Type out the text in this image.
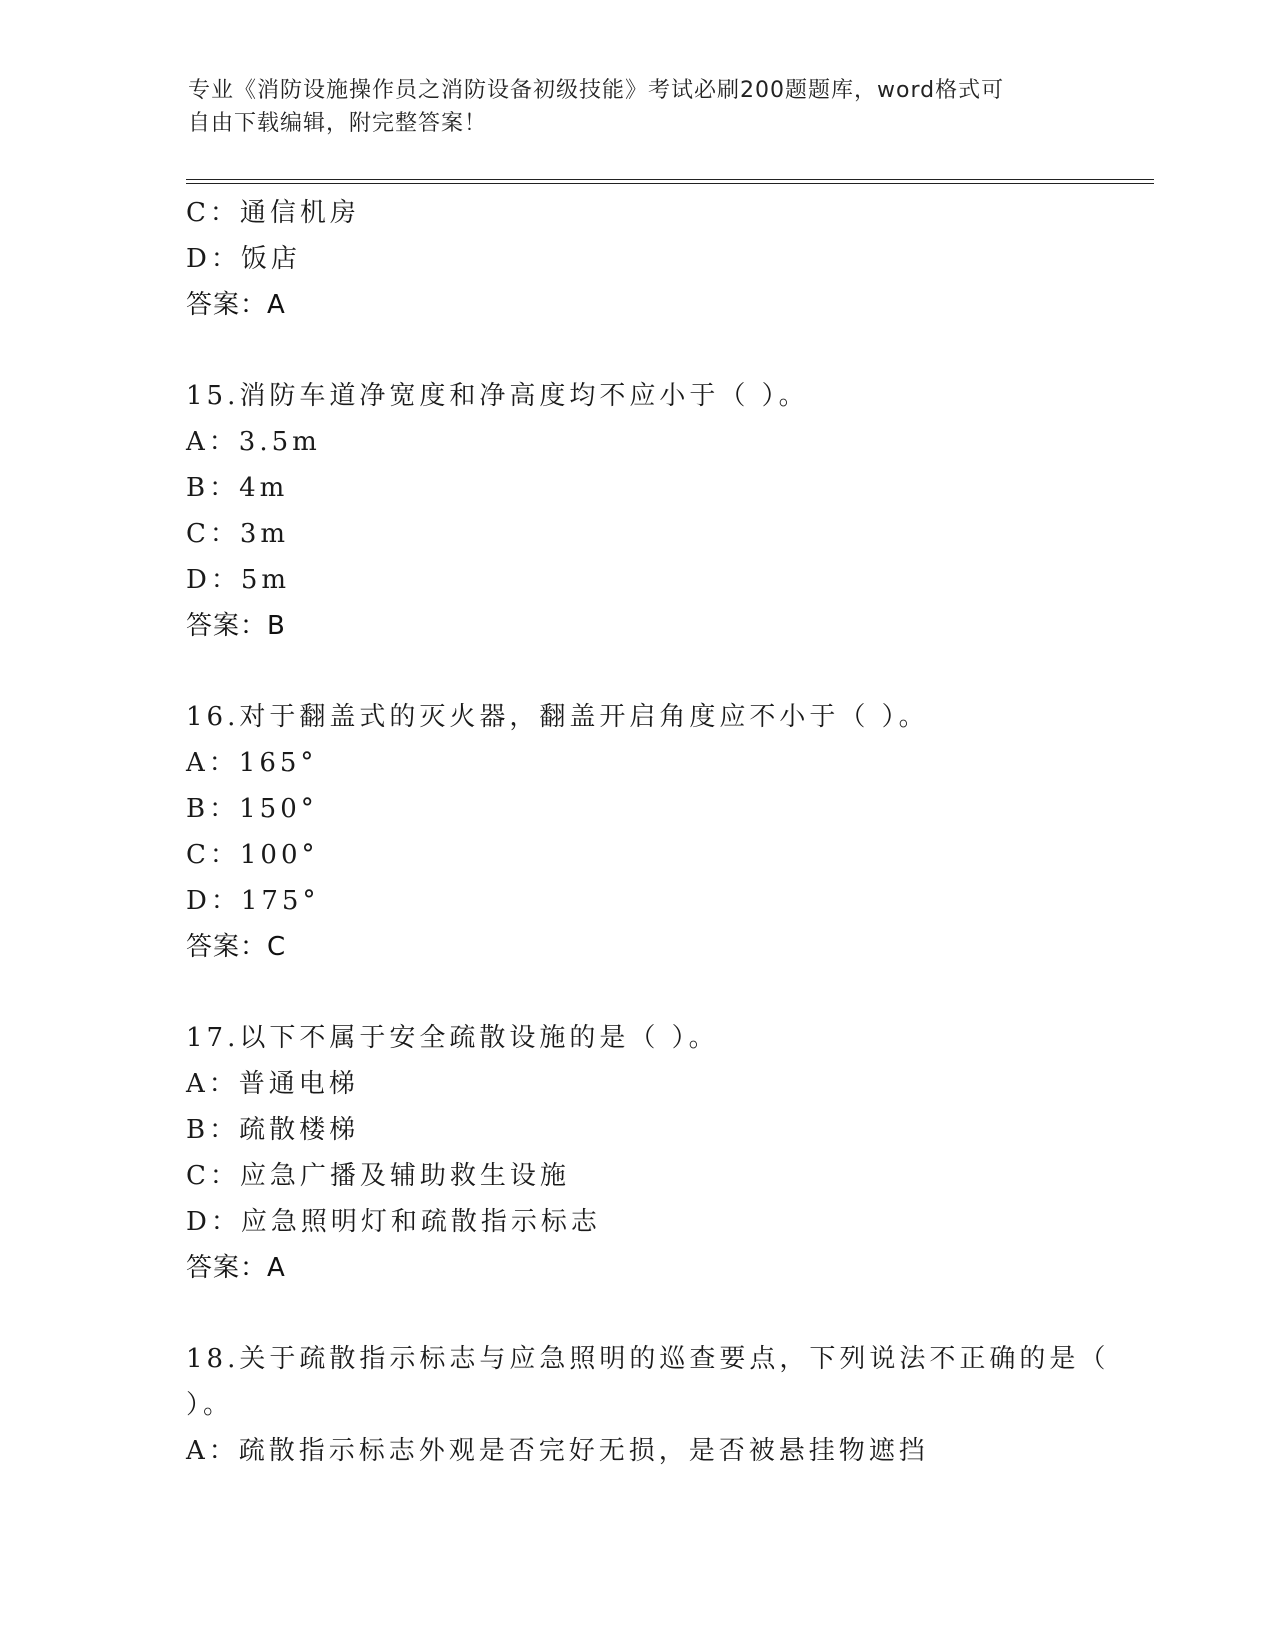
专业《消防设施操作员之消防设备初级技能》考试必刷200题题库，word格式可
自由下载编辑，附完整答案！
C：通信机房
D：饭店
答案：A
15.消防车道净宽度和净高度均不应小于（ ）。
A：3.5m
B：4m
C：3m
D：5m
答案：B
16.对于翻盖式的灭火器，翻盖开启角度应不小于（ ）。
A：165°
B：150°
C：100°
D：175°
答案：C
17.以下不属于安全疏散设施的是（ ）。
A：普通电梯
B：疏散楼梯
C：应急广播及辅助救生设施
D：应急照明灯和疏散指示标志
答案：A
18.关于疏散指示标志与应急照明的巡查要点，下列说法不正确的是（
）。
A：疏散指示标志外观是否完好无损，是否被悬挂物遮挡
